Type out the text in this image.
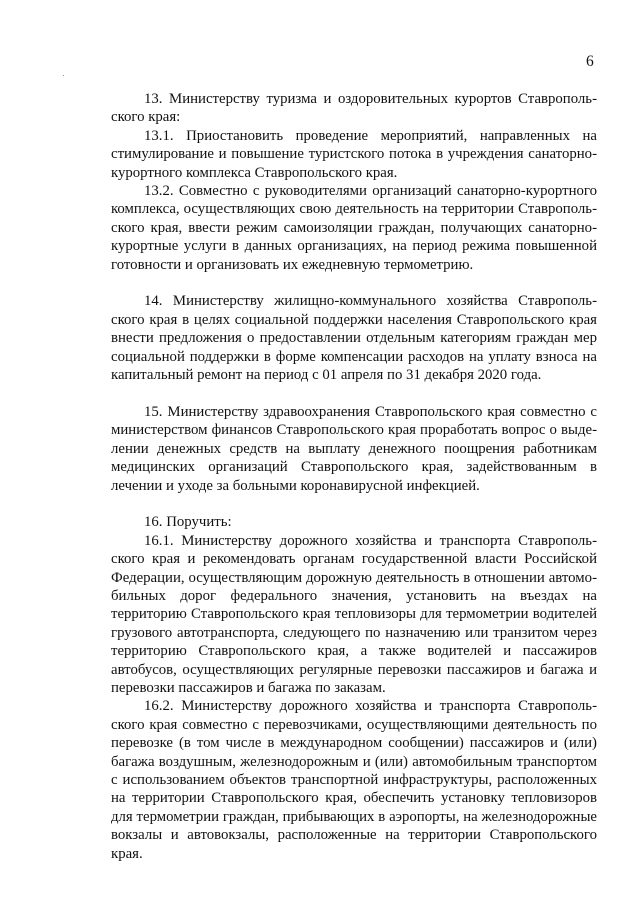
6

13. Министерству туризма и оздоровительных курортов Ставропольского края:

13.1. Приостановить проведение мероприятий, направленных на стимулирование и повышение туристского потока в учреждения санаторно-курортного комплекса Ставропольского края.

13.2. Совместно с руководителями организаций санаторно-курортного комплекса, осуществляющих свою деятельность на территории Ставропольского края, ввести режим самоизоляции граждан, получающих санаторно-курортные услуги в данных организациях, на период режима повышенной готовности и организовать их ежедневную термометрию.

14. Министерству жилищно-коммунального хозяйства Ставропольского края в целях социальной поддержки населения Ставропольского края внести предложения о предоставлении отдельным категориям граждан мер социальной поддержки в форме компенсации расходов на уплату взноса на капитальный ремонт на период с 01 апреля по 31 декабря 2020 года.

15. Министерству здравоохранения Ставропольского края совместно с министерством финансов Ставропольского края проработать вопрос о выделении денежных средств на выплату денежного поощрения работникам медицинских организаций Ставропольского края, задействованным в лечении и уходе за больными коронавирусной инфекцией.

16. Поручить:

16.1. Министерству дорожного хозяйства и транспорта Ставропольского края и рекомендовать органам государственной власти Российской Федерации, осуществляющим дорожную деятельность в отношении автомобильных дорог федерального значения, установить на въездах на территорию Ставропольского края тепловизоры для термометрии водителей грузового автотранспорта, следующего по назначению или транзитом через территорию Ставропольского края, а также водителей и пассажиров автобусов, осуществляющих регулярные перевозки пассажиров и багажа и перевозки пассажиров и багажа по заказам.

16.2. Министерству дорожного хозяйства и транспорта Ставропольского края совместно с перевозчиками, осуществляющими деятельность по перевозке (в том числе в международном сообщении) пассажиров и (или) багажа воздушным, железнодорожным и (или) автомобильным транспортом с использованием объектов транспортной инфраструктуры, расположенных на территории Ставропольского края, обеспечить установку тепловизоров для термометрии граждан, прибывающих в аэропорты, на железнодорожные вокзалы и автовокзалы, расположенные на территории Ставропольского края.
